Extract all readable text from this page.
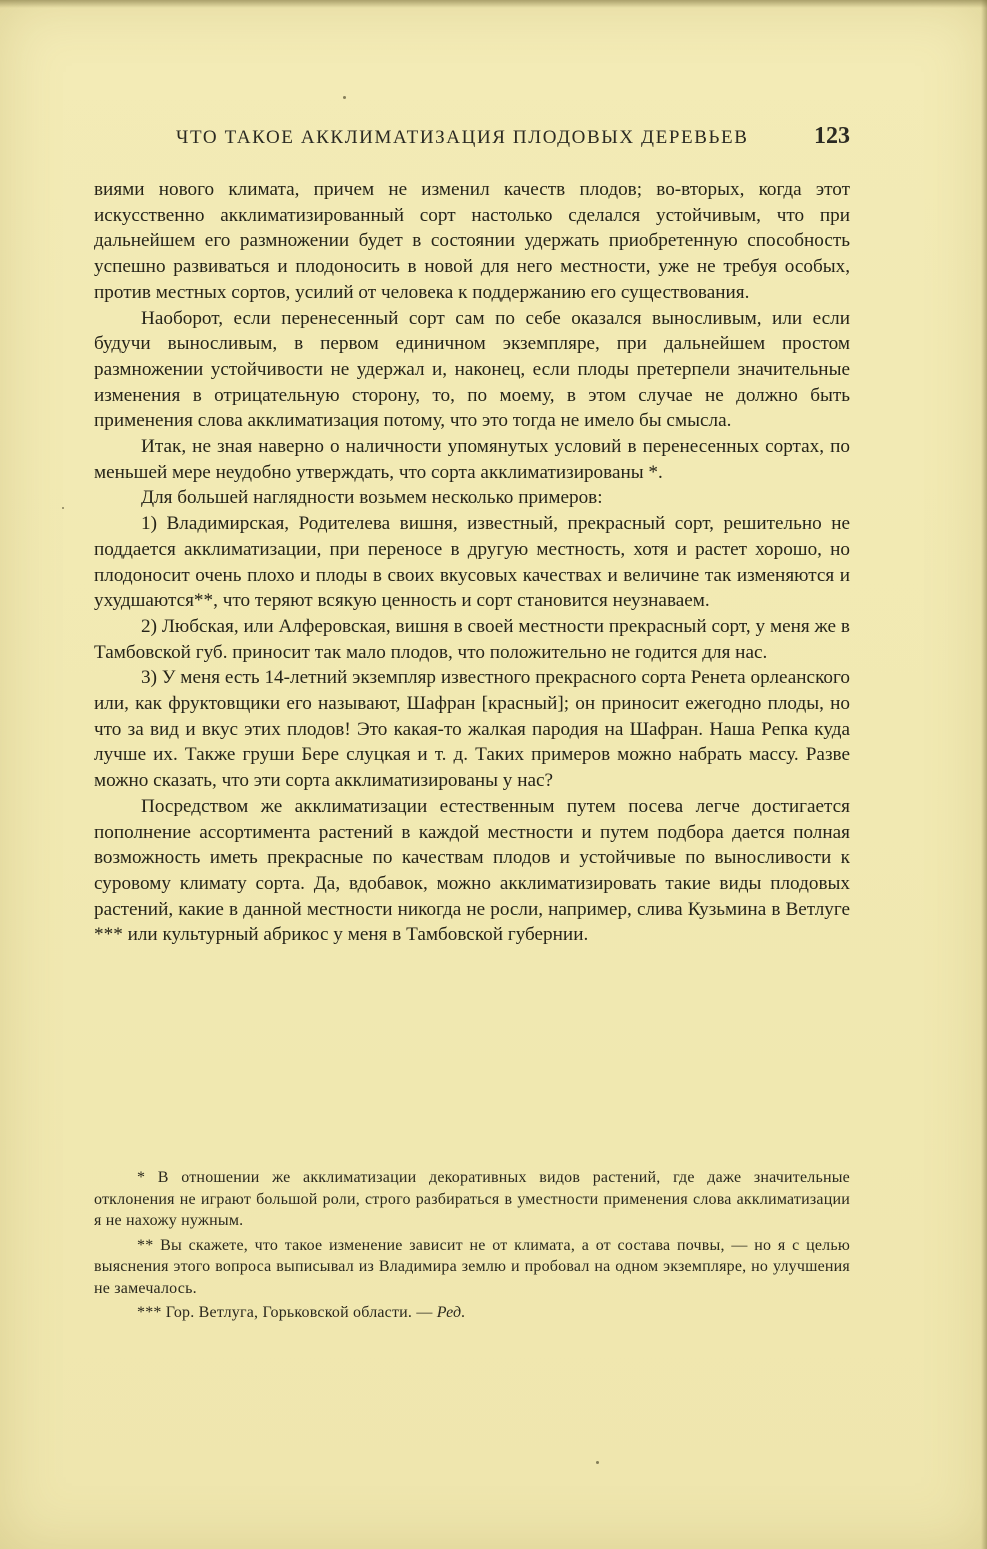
ЧТО ТАКОЕ АККЛИМАТИЗАЦИЯ ПЛОДОВЫХ ДЕРЕВЬЕВ	123

виями нового климата, причем не изменил качеств плодов; во-вторых, когда этот искусственно акклиматизированный сорт настолько сделался устойчивым, что при дальнейшем его размножении будет в состоянии удержать приобретенную способность успешно развиваться и плодоносить в новой для него местности, уже не требуя особых, против местных сортов, усилий от человека к поддержанию его существования.

Наоборот, если перенесенный сорт сам по себе оказался выносливым, или если будучи выносливым, в первом единичном экземпляре, при дальнейшем простом размножении устойчивости не удержал и, наконец, если плоды претерпели значительные изменения в отрицательную сторону, то, по моему, в этом случае не должно быть применения слова акклиматизация потому, что это тогда не имело бы смысла.

Итак, не зная наверно о наличности упомянутых условий в перенесенных сортах, по меньшей мере неудобно утверждать, что сорта акклиматизированы *.

Для большей наглядности возьмем несколько примеров:

1) Владимирская, Родителева вишня, известный, прекрасный сорт, решительно не поддается акклиматизации, при переносе в другую местность, хотя и растет хорошо, но плодоносит очень плохо и плоды в своих вкусовых качествах и величине так изменяются и ухудшаются**, что теряют всякую ценность и сорт становится неузнаваем.

2) Любская, или Алферовская, вишня в своей местности прекрасный сорт, у меня же в Тамбовской губ. приносит так мало плодов, что положительно не годится для нас.

3) У меня есть 14-летний экземпляр известного прекрасного сорта Ренета орлеанского или, как фруктовщики его называют, Шафран [красный]; он приносит ежегодно плоды, но что за вид и вкус этих плодов! Это какая-то жалкая пародия на Шафран. Наша Репка куда лучше их. Также груши Бере слуцкая и т. д. Таких примеров можно набрать массу. Разве можно сказать, что эти сорта акклиматизированы у нас?

Посредством же акклиматизации естественным путем посева легче достигается пополнение ассортимента растений в каждой местности и путем подбора дается полная возможность иметь прекрасные по качествам плодов и устойчивые по выносливости к суровому климату сорта. Да, вдобавок, можно акклиматизировать такие виды плодовых растений, какие в данной местности никогда не росли, например, слива Кузьмина в Ветлуге *** или культурный абрикос у меня в Тамбовской губернии.

* В отношении же акклиматизации декоративных видов растений, где даже значительные отклонения не играют большой роли, строго разбираться в уместности применения слова акклиматизации я не нахожу нужным.

** Вы скажете, что такое изменение зависит не от климата, а от состава почвы, — но я с целью выяснения этого вопроса выписывал из Владимира землю и пробовал на одном экземпляре, но улучшения не замечалось.

*** Гор. Ветлуга, Горьковской области. — Ред.
